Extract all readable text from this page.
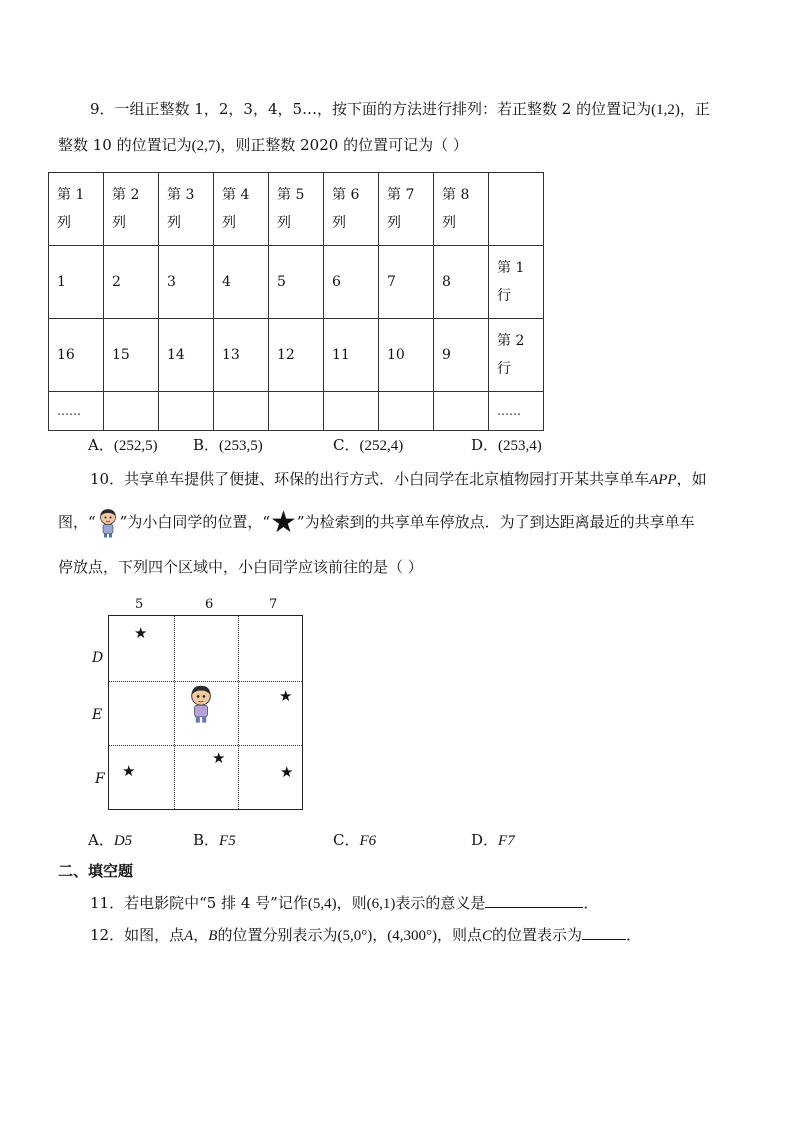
9．一组正整数 1，2，3，4，5…，按下面的方法进行排列：若正整数 2 的位置记为(1,2)，正
整数 10 的位置记为(2,7)，则正整数 2020 的位置可记为（ ）
第 1 列	第 2 列	第 3 列	第 4 列	第 5 列	第 6 列	第 7 列	第 8 列	

1	2	3	4	5	6	7	8	第 1 行

16	15	14	13	12	11	10	9	第 2 行

……								……
A．(252,5) B．(253,5)	C．(252,4)	D．(253,4)
10．共享单车提供了便捷、环保的出行方式．小白同学在北京植物园打开某共享单车APP，如
图，“ ”为小白同学的位置，“★”为检索到的共享单车停放点．为了到达距离最近的共享单车
停放点，下列四个区域中，小白同学应该前往的是（ ）
5	6	7
D
E
F
★
★
★
★
★
A．D5	B．F5	C．F6	D．F7
二、填空题
11．若电影院中“5 排 4 号”记作(5,4)，则(6,1)表示的意义是	．
12．如图，点A，B的位置分别表示为(5,0°)，(4,300°)，则点C的位置表示为	．
